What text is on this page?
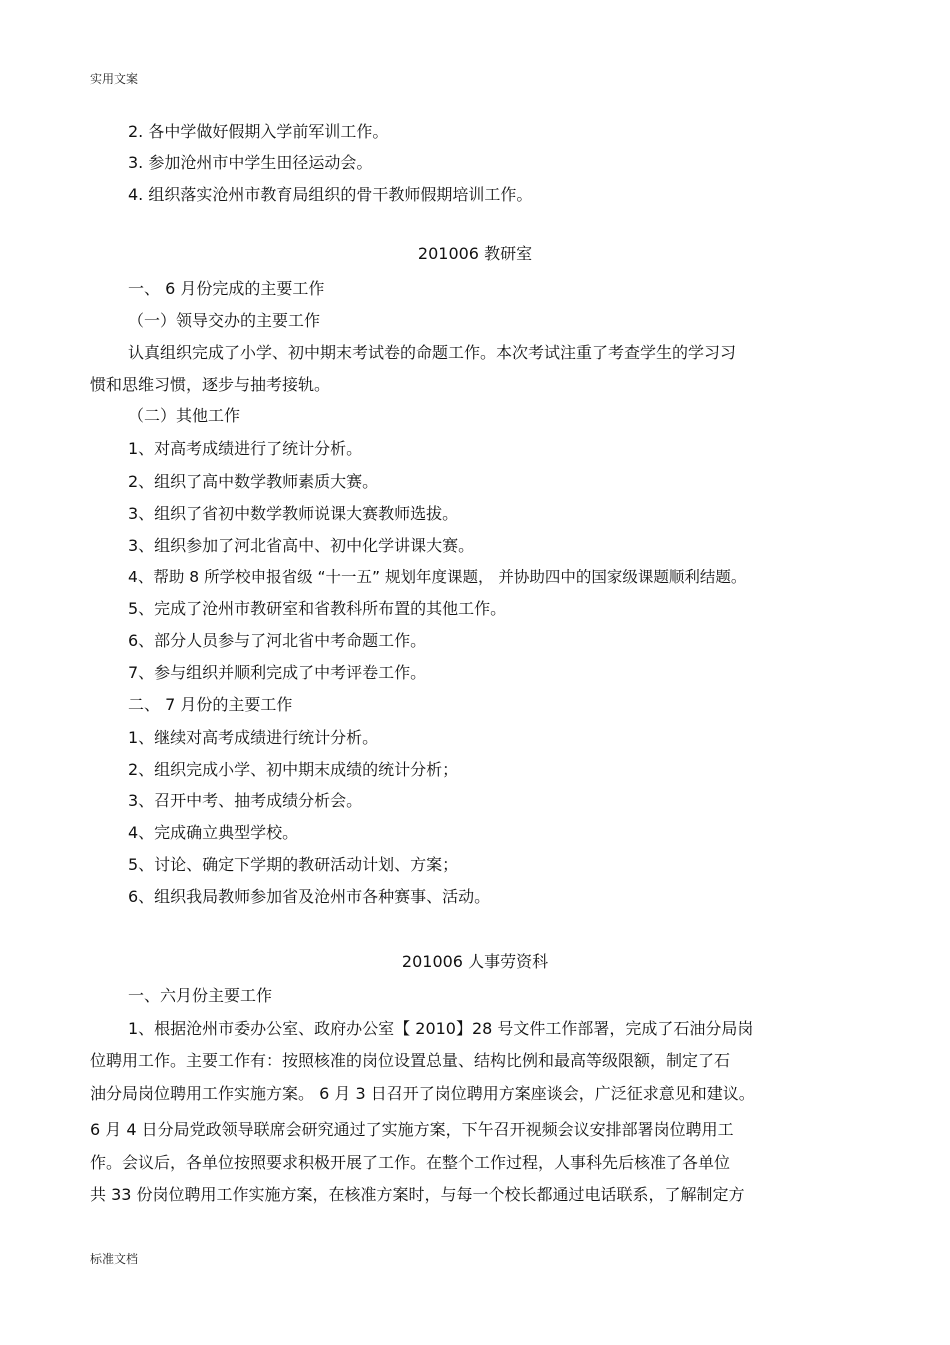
实用文案
2. 各中学做好假期入学前军训工作。
3. 参加沧州市中学生田径运动会。
4. 组织落实沧州市教育局组织的骨干教师假期培训工作。
201006 教研室
一、 6 月份完成的主要工作
（一）领导交办的主要工作
认真组织完成了小学、初中期末考试卷的命题工作。本次考试注重了考查学生的学习习
惯和思维习惯，逐步与抽考接轨。
（二）其他工作
1、对高考成绩进行了统计分析。
2、组织了高中数学教师素质大赛。
3、组织了省初中数学教师说课大赛教师选拔。
3、组织参加了河北省高中、初中化学讲课大赛。
4、帮助 8 所学校申报省级 “十一五” 规划年度课题， 并协助四中的国家级课题顺利结题。
5、完成了沧州市教研室和省教科所布置的其他工作。
6、部分人员参与了河北省中考命题工作。
7、参与组织并顺利完成了中考评卷工作。
二、 7 月份的主要工作
1、继续对高考成绩进行统计分析。
2、组织完成小学、初中期末成绩的统计分析；
3、召开中考、抽考成绩分析会。
4、完成确立典型学校。
5、讨论、确定下学期的教研活动计划、方案；
6、组织我局教师参加省及沧州市各种赛事、活动。
201006 人事劳资科
一、六月份主要工作
1、根据沧州市委办公室、政府办公室【 2010】28 号文件工作部署，完成了石油分局岗
位聘用工作。主要工作有：按照核准的岗位设置总量、结构比例和最高等级限额，制定了石
油分局岗位聘用工作实施方案。 6 月 3 日召开了岗位聘用方案座谈会，广泛征求意见和建议。
6 月 4 日分局党政领导联席会研究通过了实施方案，下午召开视频会议安排部署岗位聘用工
作。会议后，各单位按照要求积极开展了工作。在整个工作过程，人事科先后核准了各单位
共 33 份岗位聘用工作实施方案，在核准方案时，与每一个校长都通过电话联系，了解制定方
标准文档
